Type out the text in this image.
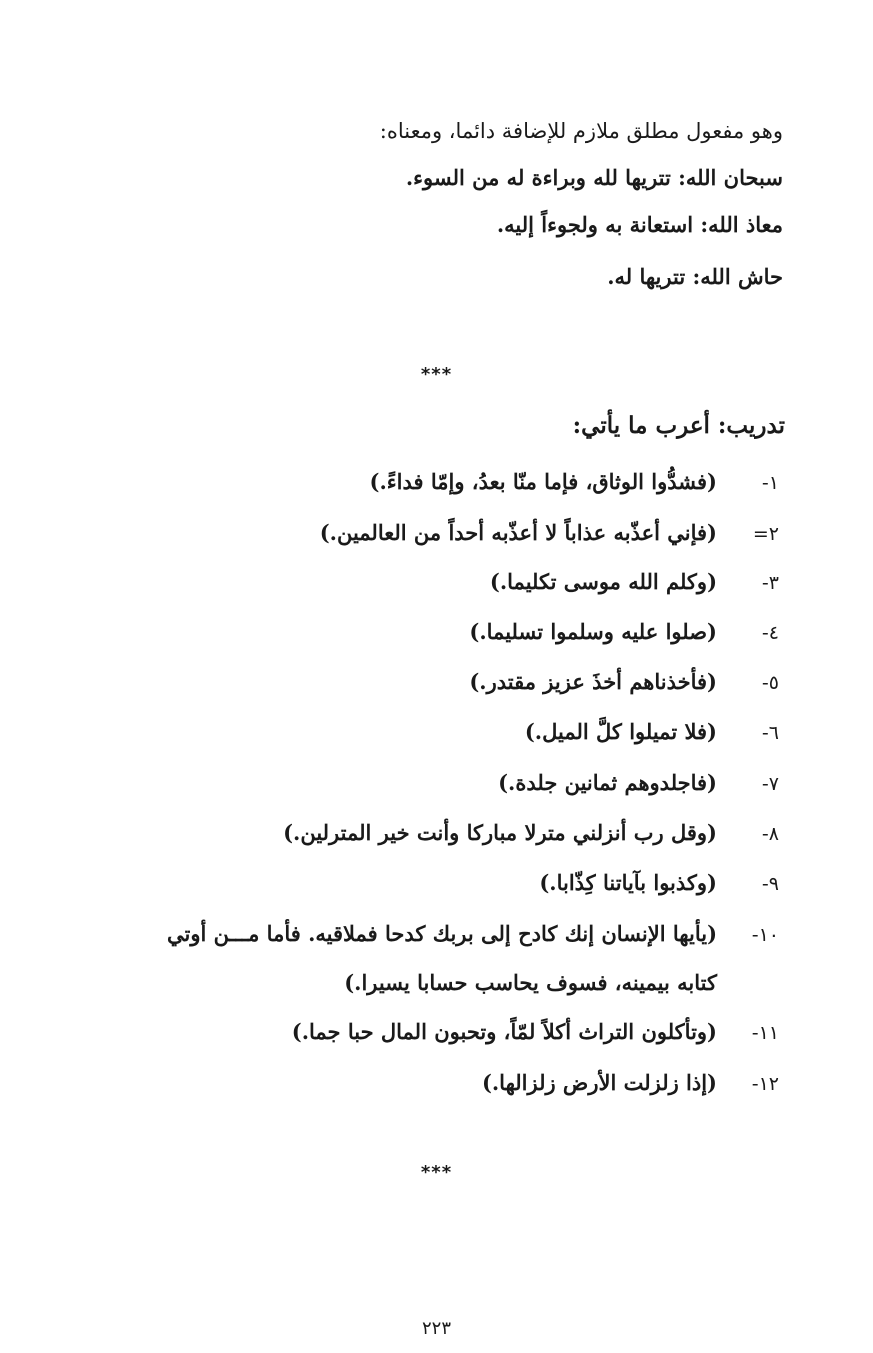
وهو مفعول مطلق ملازم للإضافة دائما، ومعناه:
سبحان الله: تتريها لله وبراءة له من السوء.
معاذ الله: استعانة به ولجوءاً إليه.
حاش الله: تتريها له.
***
تدريب: أعرب ما يأتي:
١-(فشدُّوا الوثاق، فإما منّا بعدُ، وإمّا فداءً.)
٢=(فإني أعذّبه عذاباً لا أعذّبه أحداً من العالمين.)
٣-(وكلم الله موسى تكليما.)
٤-(صلوا عليه وسلموا تسليما.)
٥-(فأخذناهم أخذَ عزيز مقتدر.)
٦-(فلا تميلوا كلَّ الميل.)
٧-(فاجلدوهم ثمانين جلدة.)
٨-(وقل رب أنزلني مترلا مباركا وأنت خير المترلين.)
٩-(وكذبوا بآياتنا كِذّابا.)
١٠-(يأيها الإنسان إنك كادح إلى بربك كدحا فملاقيه. فأما مـــن أوتي
كتابه بيمينه، فسوف يحاسب حسابا يسيرا.)
١١-(وتأكلون التراث أكلاً لمّاً، وتحبون المال حبا جما.)
١٢-(إذا زلزلت الأرض زلزالها.)
***
٢٢٣
